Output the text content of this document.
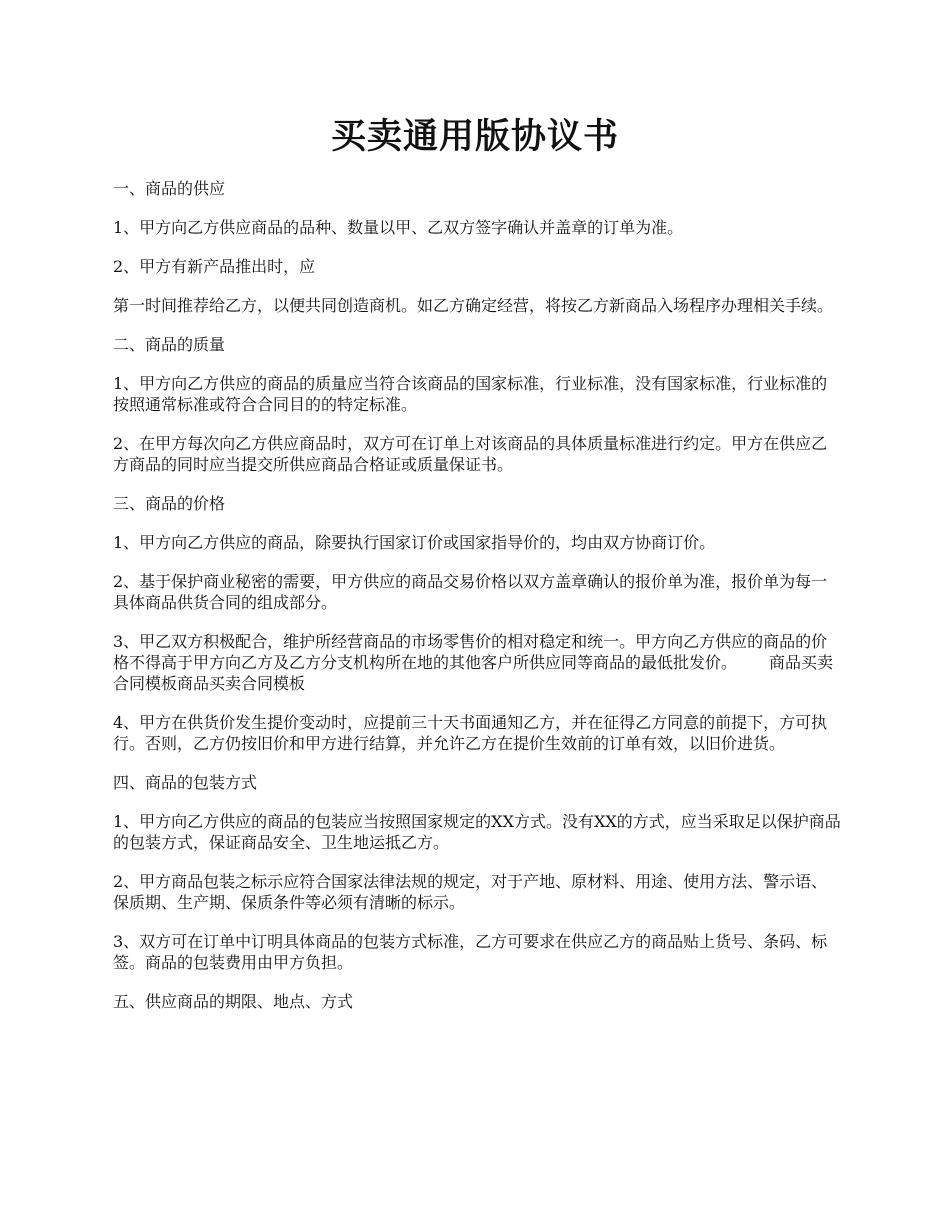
买卖通用版协议书

一、商品的供应

1、甲方向乙方供应商品的品种、数量以甲、乙双方签字确认并盖章的订单为准。

2、甲方有新产品推出时，应

第一时间推荐给乙方，以便共同创造商机。如乙方确定经营，将按乙方新商品入场程序办理相关手续。

二、商品的质量

1、甲方向乙方供应的商品的质量应当符合该商品的国家标准，行业标准，没有国家标准，行业标准的按照通常标准或符合合同目的的特定标准。

2、在甲方每次向乙方供应商品时，双方可在订单上对该商品的具体质量标准进行约定。甲方在供应乙方商品的同时应当提交所供应商品合格证或质量保证书。

三、商品的价格

1、甲方向乙方供应的商品，除要执行国家订价或国家指导价的，均由双方协商订价。

2、基于保护商业秘密的需要，甲方供应的商品交易价格以双方盖章确认的报价单为准，报价单为每一具体商品供货合同的组成部分。

3、甲乙双方积极配合，维护所经营商品的市场零售价的相对稳定和统一。甲方向乙方供应的商品的价格不得高于甲方向乙方及乙方分支机构所在地的其他客户所供应同等商品的最低批发价。 商品买卖合同模板商品买卖合同模板

4、甲方在供货价发生提价变动时，应提前三十天书面通知乙方，并在征得乙方同意的前提下，方可执行。否则，乙方仍按旧价和甲方进行结算，并允许乙方在提价生效前的订单有效，以旧价进货。

四、商品的包装方式

1、甲方向乙方供应的商品的包装应当按照国家规定的XX方式。没有XX的方式，应当采取足以保护商品的包装方式，保证商品安全、卫生地运抵乙方。

2、甲方商品包装之标示应符合国家法律法规的规定，对于产地、原材料、用途、使用方法、警示语、保质期、生产期、保质条件等必须有清晰的标示。

3、双方可在订单中订明具体商品的包装方式标准，乙方可要求在供应乙方的商品贴上货号、条码、标签。商品的包装费用由甲方负担。

五、供应商品的期限、地点、方式
